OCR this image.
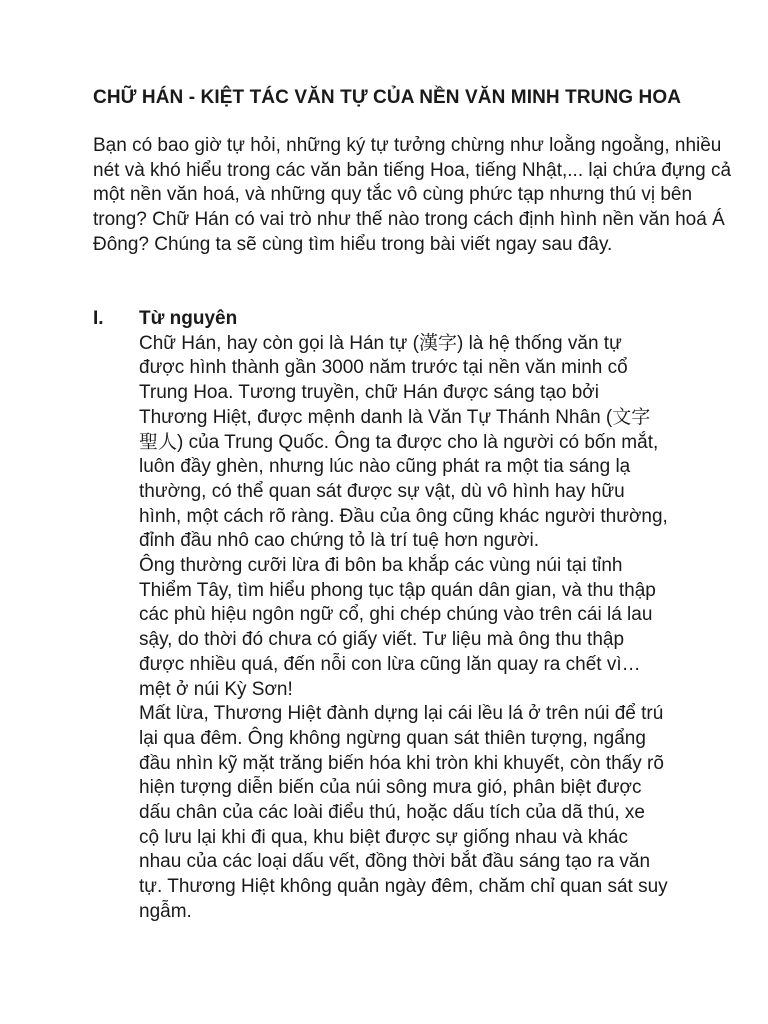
CHỮ HÁN - KIỆT TÁC VĂN TỰ CỦA NỀN VĂN MINH TRUNG HOA
Bạn có bao giờ tự hỏi, những ký tự tưởng chừng như loằng ngoằng, nhiều nét và khó hiểu trong các văn bản tiếng Hoa, tiếng Nhật,... lại chứa đựng cả một nền văn hoá, và những quy tắc vô cùng phức tạp nhưng thú vị bên trong? Chữ Hán có vai trò như thế nào trong cách định hình nền văn hoá Á Đông? Chúng ta sẽ cùng tìm hiểu trong bài viết ngay sau đây.
I.	Từ nguyên

Chữ Hán, hay còn gọi là Hán tự (漢字) là hệ thống văn tự được hình thành gần 3000 năm trước tại nền văn minh cổ Trung Hoa. Tương truyền, chữ Hán được sáng tạo bởi Thương Hiệt, được mệnh danh là Văn Tự Thánh Nhân (文字聖人) của Trung Quốc. Ông ta được cho là người có bốn mắt, luôn đầy ghèn, nhưng lúc nào cũng phát ra một tia sáng lạ thường, có thể quan sát được sự vật, dù vô hình hay hữu hình, một cách rõ ràng. Đầu của ông cũng khác người thường, đỉnh đầu nhô cao chứng tỏ là trí tuệ hơn người.

Ông thường cưỡi lừa đi bôn ba khắp các vùng núi tại tỉnh Thiểm Tây, tìm hiểu phong tục tập quán dân gian, và thu thập các phù hiệu ngôn ngữ cổ, ghi chép chúng vào trên cái lá lau sậy, do thời đó chưa có giấy viết. Tư liệu mà ông thu thập được nhiều quá, đến nỗi con lừa cũng lăn quay ra chết vì… mệt ở núi Kỳ Sơn!

Mất lừa, Thương Hiệt đành dựng lại cái lều lá ở trên núi để trú lại qua đêm. Ông không ngừng quan sát thiên tượng, ngẩng đầu nhìn kỹ mặt trăng biến hóa khi tròn khi khuyết, còn thấy rõ hiện tượng diễn biến của núi sông mưa gió, phân biệt được dấu chân của các loài điểu thú, hoặc dấu tích của dã thú, xe cộ lưu lại khi đi qua, khu biệt được sự giống nhau và khác nhau của các loại dấu vết, đồng thời bắt đầu sáng tạo ra văn tự. Thương Hiệt không quản ngày đêm, chăm chỉ quan sát suy ngẫm.
